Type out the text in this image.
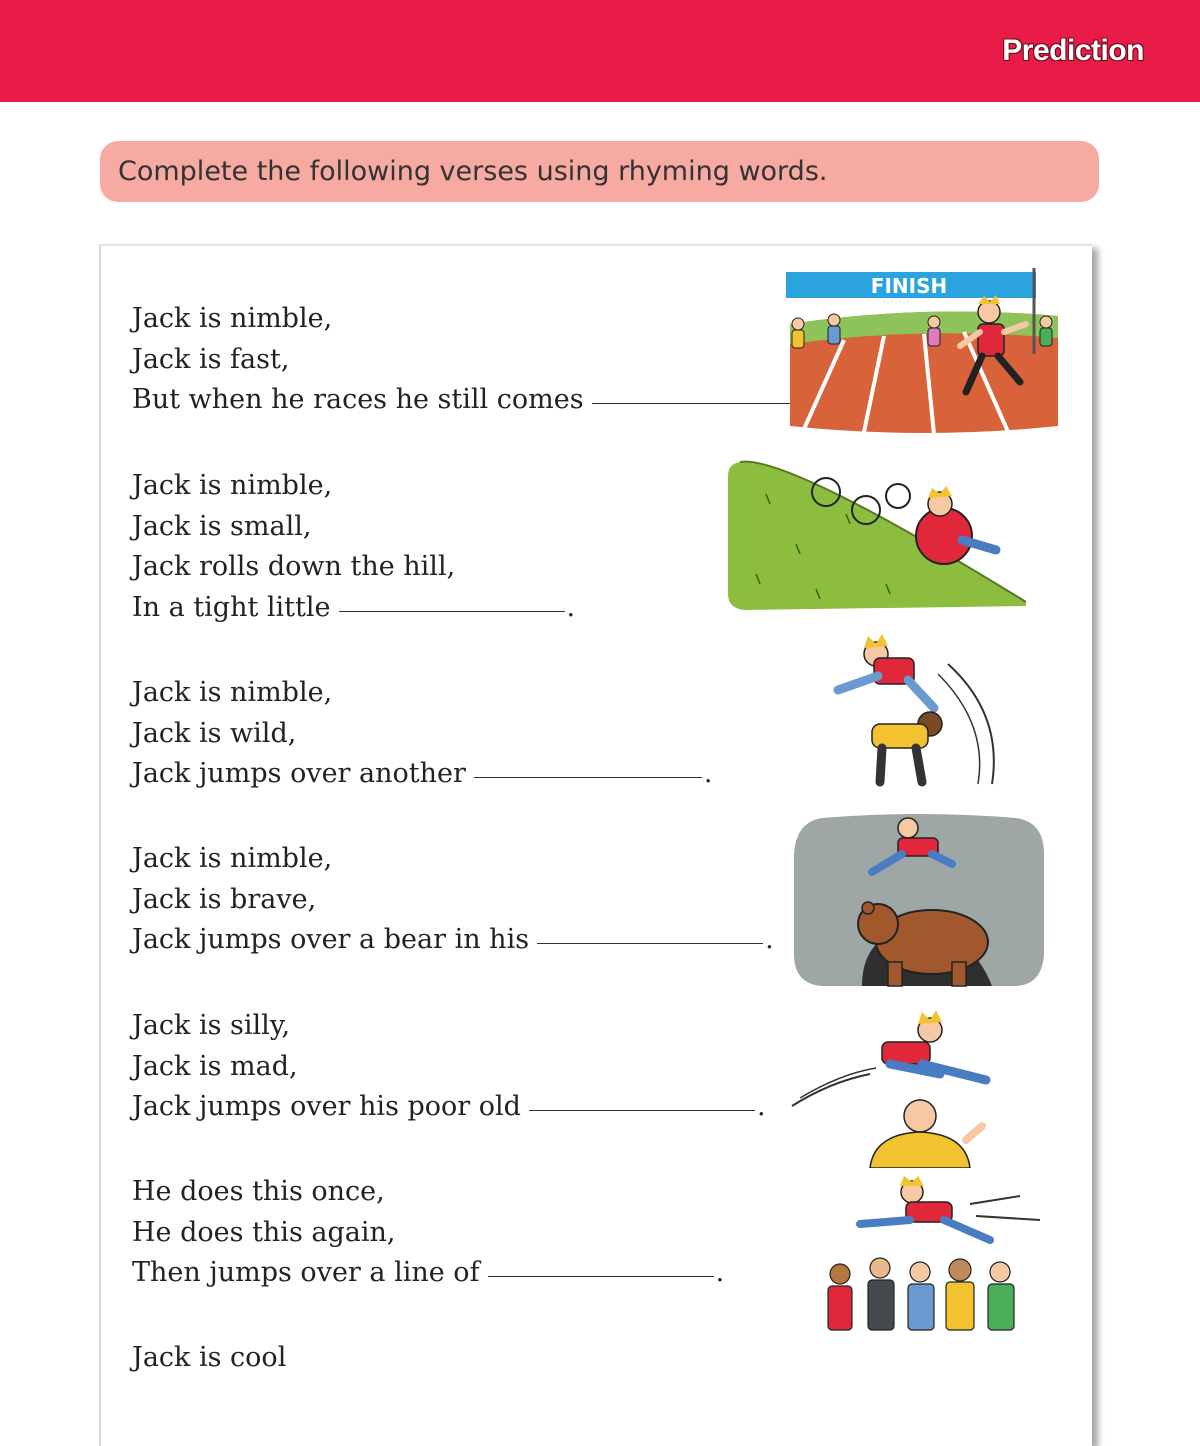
Prediction
Complete the following verses using rhyming words.
Jack is nimble,
Jack is fast,
But when he races he still comes
Jack is nimble,
Jack is small,
Jack rolls down the hill,
In a tight little	.
Jack is nimble,
Jack is wild,
Jack jumps over another	.
Jack is nimble,
Jack is brave,
Jack jumps over a bear in his	.
Jack is silly,
Jack is mad,
Jack jumps over his poor old	.
He does this once,
He does this again,
Then jumps over a line of	.
Jack is cool
FINISH
